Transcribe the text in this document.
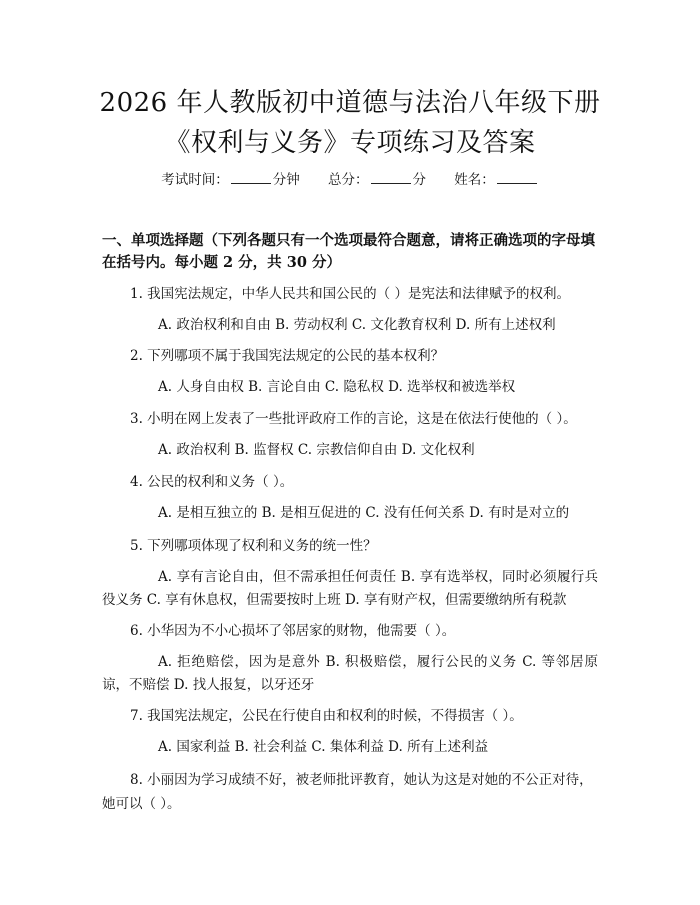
2026 年人教版初中道德与法治八年级下册
《权利与义务》专项练习及答案
考试时间：	分钟 总分：	分 姓名：
一、单项选择题（下列各题只有一个选项最符合题意，请将正确选项的字母填在括号内。每小题 2 分，共 30 分）
1. 我国宪法规定，中华人民共和国公民的（ ）是宪法和法律赋予的权利。
A. 政治权利和自由 B. 劳动权利 C. 文化教育权利 D. 所有上述权利
2. 下列哪项不属于我国宪法规定的公民的基本权利？
A. 人身自由权 B. 言论自由 C. 隐私权 D. 选举权和被选举权
3. 小明在网上发表了一些批评政府工作的言论，这是在依法行使他的（ ）。
A. 政治权利 B. 监督权 C. 宗教信仰自由 D. 文化权利
4. 公民的权利和义务（ ）。
A. 是相互独立的 B. 是相互促进的 C. 没有任何关系 D. 有时是对立的
5. 下列哪项体现了权利和义务的统一性？
A. 享有言论自由，但不需承担任何责任 B. 享有选举权，同时必须履行兵役义务 C. 享有休息权，但需要按时上班 D. 享有财产权，但需要缴纳所有税款
6. 小华因为不小心损坏了邻居家的财物，他需要（ ）。
A. 拒绝赔偿，因为是意外 B. 积极赔偿，履行公民的义务 C. 等邻居原谅，不赔偿 D. 找人报复，以牙还牙
7. 我国宪法规定，公民在行使自由和权利的时候，不得损害（ ）。
A. 国家利益 B. 社会利益 C. 集体利益 D. 所有上述利益
8. 小丽因为学习成绩不好，被老师批评教育，她认为这是对她的不公正对待，她可以（ ）。
